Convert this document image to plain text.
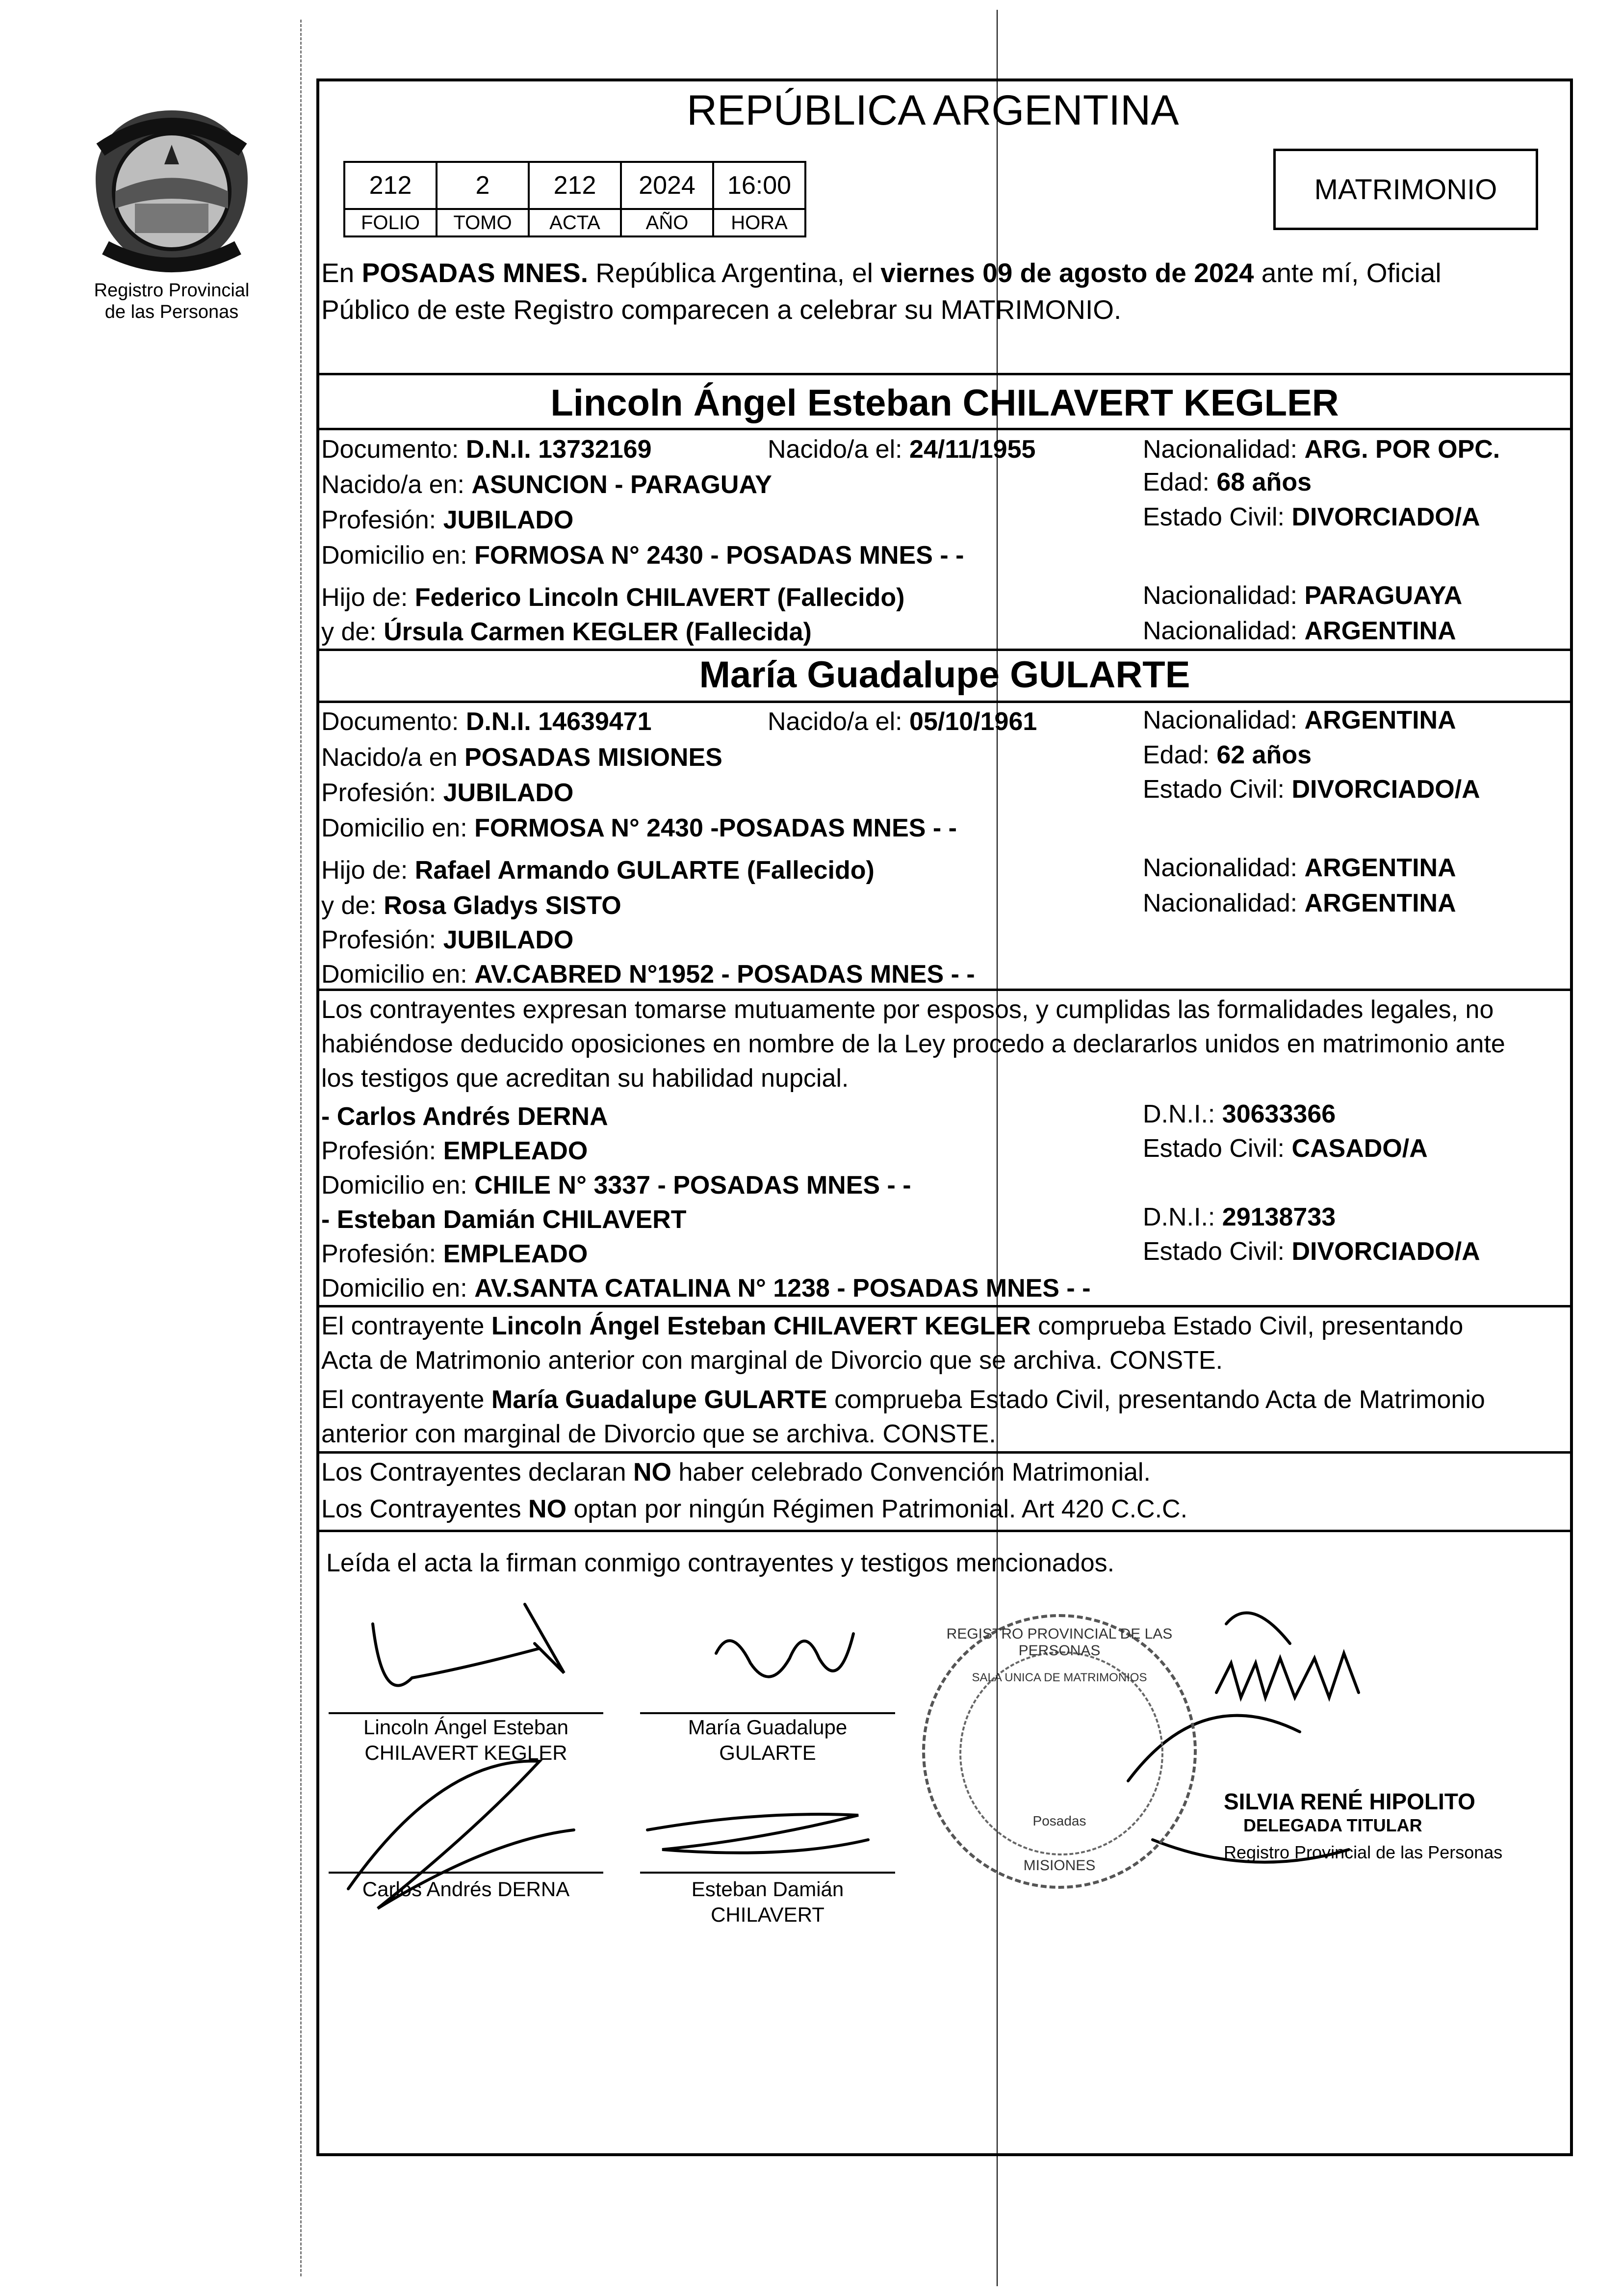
Registro Provincial
de las Personas
REPÚBLICA ARGENTINA
212	2	212	2024	16:00
FOLIO	TOMO	ACTA	AÑO	HORA
MATRIMONIO
En POSADAS MNES. República Argentina, el viernes 09 de agosto de 2024 ante mí, Oficial
Público de este Registro comparecen a celebrar su MATRIMONIO.
Lincoln Ángel Esteban CHILAVERT KEGLER
Documento: D.N.I. 13732169	Nacido/a el: 24/11/1955	Nacionalidad: ARG. POR OPC.
Nacido/a en: ASUNCION - PARAGUAY	Edad: 68 años
Profesión: JUBILADO	Estado Civil: DIVORCIADO/A
Domicilio en: FORMOSA N° 2430 - POSADAS MNES - -
Hijo de: Federico Lincoln CHILAVERT (Fallecido)	Nacionalidad: PARAGUAYA
y de: Úrsula Carmen KEGLER (Fallecida)	Nacionalidad: ARGENTINA
María Guadalupe GULARTE
Documento: D.N.I. 14639471	Nacido/a el: 05/10/1961	Nacionalidad: ARGENTINA
Nacido/a en POSADAS MISIONES	Edad: 62 años
Profesión: JUBILADO	Estado Civil: DIVORCIADO/A
Domicilio en: FORMOSA N° 2430 -POSADAS MNES - -
Hijo de: Rafael Armando GULARTE (Fallecido)	Nacionalidad: ARGENTINA
y de: Rosa Gladys SISTO	Nacionalidad: ARGENTINA
Profesión: JUBILADO
Domicilio en: AV.CABRED N°1952 - POSADAS MNES - -
Los contrayentes expresan tomarse mutuamente por esposos, y cumplidas las formalidades legales, no
habiéndose deducido oposiciones en nombre de la Ley procedo a declararlos unidos en matrimonio ante
los testigos que acreditan su habilidad nupcial.
- Carlos Andrés DERNA	D.N.I.: 30633366
Profesión: EMPLEADO	Estado Civil: CASADO/A
Domicilio en: CHILE N° 3337 - POSADAS MNES - -
- Esteban Damián CHILAVERT	D.N.I.: 29138733
Profesión: EMPLEADO	Estado Civil: DIVORCIADO/A
Domicilio en: AV.SANTA CATALINA N° 1238 - POSADAS MNES - -
El contrayente Lincoln Ángel Esteban CHILAVERT KEGLER comprueba Estado Civil, presentando
Acta de Matrimonio anterior con marginal de Divorcio que se archiva. CONSTE.
El contrayente María Guadalupe GULARTE comprueba Estado Civil, presentando Acta de Matrimonio
anterior con marginal de Divorcio que se archiva. CONSTE.
Los Contrayentes declaran NO haber celebrado Convención Matrimonial.
Los Contrayentes NO optan por ningún Régimen Patrimonial. Art 420 C.C.C.
Leída el acta la firman conmigo contrayentes y testigos mencionados.
Lincoln Ángel Esteban
CHILAVERT KEGLER
María Guadalupe
GULARTE
Carlos Andrés DERNA	Esteban Damián
CHILAVERT
REGISTRO PROVINCIAL DE LAS PERSONAS
SALA UNICA DE MATRIMONIOS
Posadas
MISIONES
SILVIA RENÉ HIPOLITO
DELEGADA TITULAR
Registro Provincial de las Personas
